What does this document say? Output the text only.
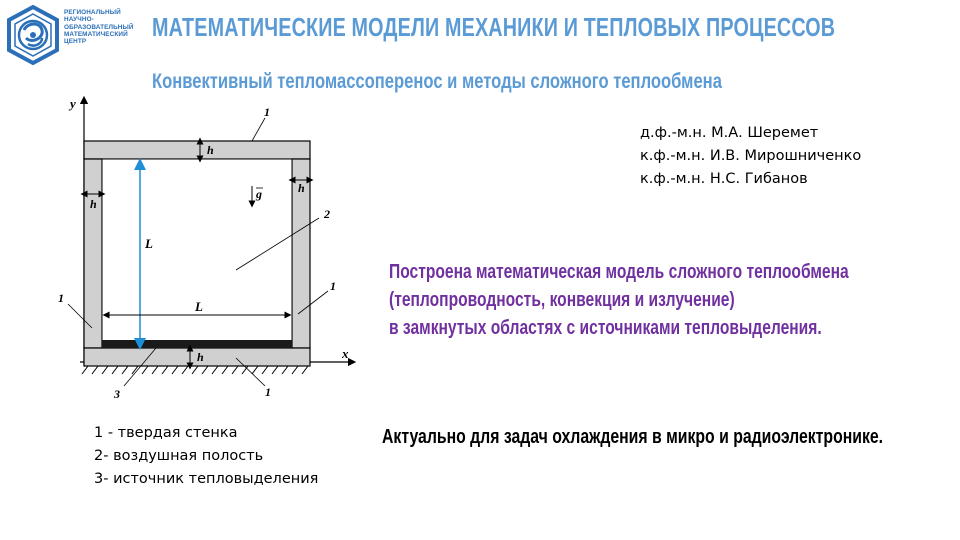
РЕГИОНАЛЬНЫЙ
НАУЧНО-
ОБРАЗОВАТЕЛЬНЫЙ
МАТЕМАТИЧЕСКИЙ
ЦЕНТР	МАТЕМАТИЧЕСКИЕ МОДЕЛИ МЕХАНИКИ И ТЕПЛОВЫХ ПРОЦЕССОВ
Конвективный тепломассоперенос и методы сложного теплообмена
y
x
L
L
h
h
h
h
g
1
2
1
1
3	1
д.ф.-м.н. М.А. Шеремет
к.ф.-м.н. И.В. Мирошниченко
к.ф.-м.н. Н.С. Гибанов
Построена математическая модель сложного теплообмена
(теплопроводность, конвекция и излучение)
в замкнутых областях с источниками тепловыделения.
1 - твердая стенка
2- воздушная полость
3- источник тепловыделения
Актуально для задач охлаждения в микро и радиоэлектронике.
